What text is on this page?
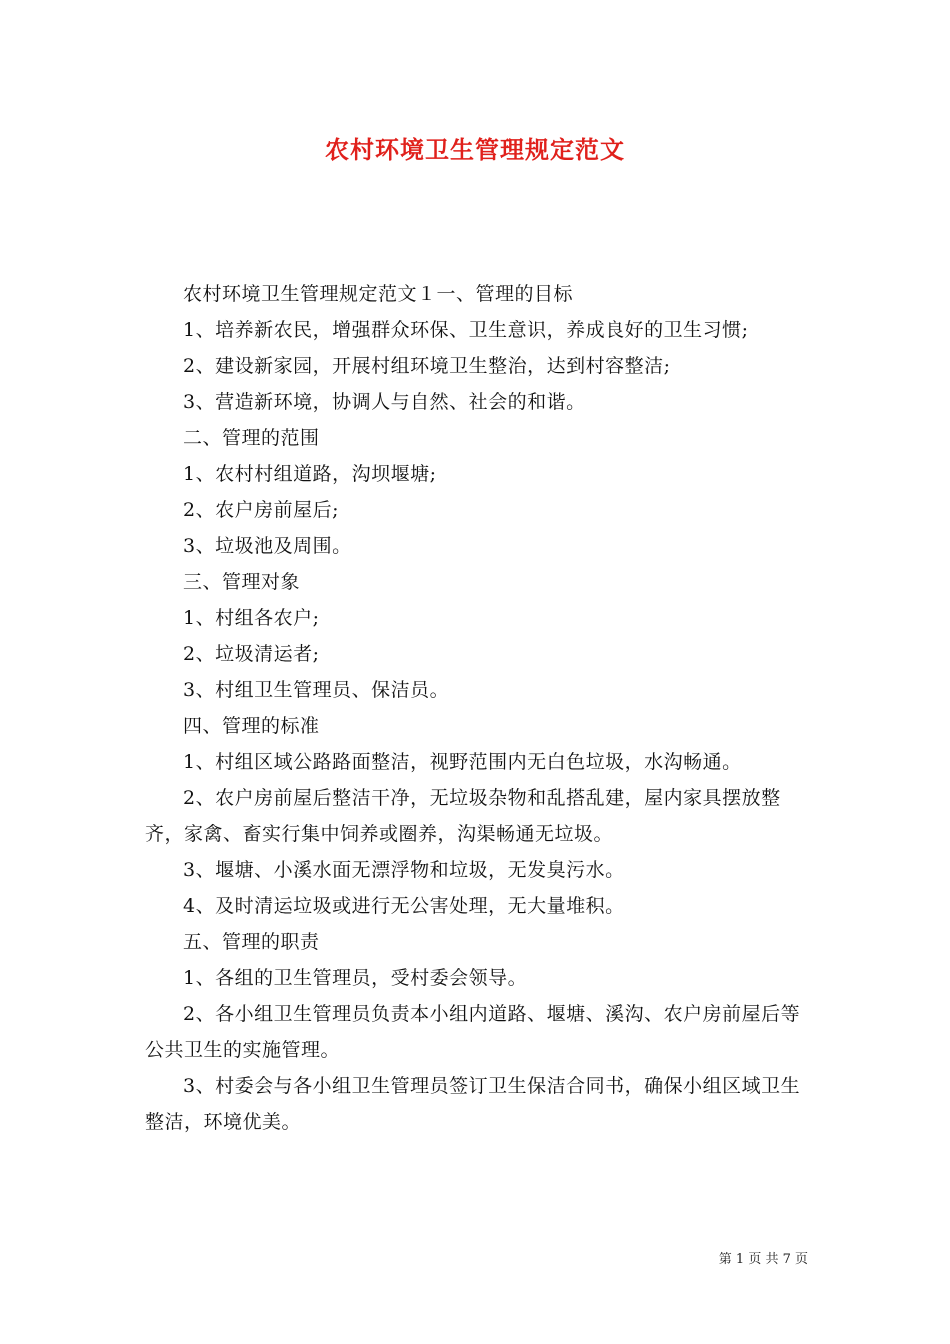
农村环境卫生管理规定范文

农村环境卫生管理规定范文１一、管理的目标

1、培养新农民，增强群众环保、卫生意识，养成良好的卫生习惯;

2、建设新家园，开展村组环境卫生整治，达到村容整洁;

3、营造新环境，协调人与自然、社会的和谐。

二、管理的范围

1、农村村组道路，沟坝堰塘;

2、农户房前屋后;

3、垃圾池及周围。

三、管理对象

1、村组各农户;

2、垃圾清运者;

3、村组卫生管理员、保洁员。

四、管理的标准

1、村组区域公路路面整洁，视野范围内无白色垃圾，水沟畅通。

2、农户房前屋后整洁干净，无垃圾杂物和乱搭乱建，屋内家具摆放整齐，家禽、畜实行集中饲养或圈养，沟渠畅通无垃圾。

3、堰塘、小溪水面无漂浮物和垃圾，无发臭污水。

4、及时清运垃圾或进行无公害处理，无大量堆积。

五、管理的职责

1、各组的卫生管理员，受村委会领导。

2、各小组卫生管理员负责本小组内道路、堰塘、溪沟、农户房前屋后等公共卫生的实施管理。

3、村委会与各小组卫生管理员签订卫生保洁合同书，确保小组区域卫生整洁，环境优美。

第 1 页 共 7 页
